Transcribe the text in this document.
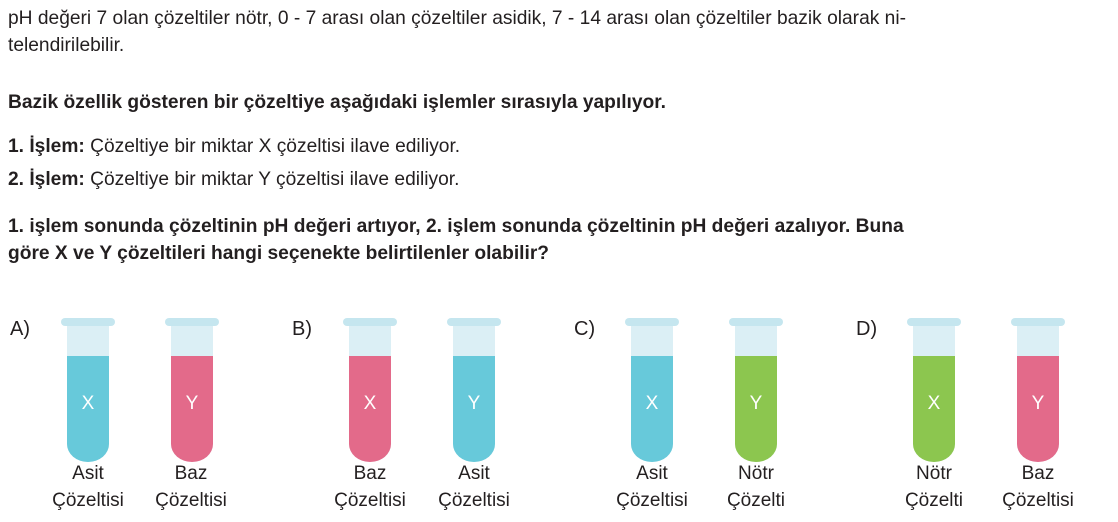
pH değeri 7 olan çözeltiler nötr, 0 - 7 arası olan çözeltiler asidik, 7 - 14 arası olan çözeltiler bazik olarak ni-
telendirilebilir.

Bazik özellik gösteren bir çözeltiye aşağıdaki işlemler sırasıyla yapılıyor.

1. İşlem: Çözeltiye bir miktar X çözeltisi ilave ediliyor.

2. İşlem: Çözeltiye bir miktar Y çözeltisi ilave ediliyor.

1. işlem sonunda çözeltinin pH değeri artıyor, 2. işlem sonunda çözeltinin pH değeri azalıyor. Buna
göre X ve Y çözeltileri hangi seçenekte belirtilenler olabilir?

A)
X	Y
Asit
Çözeltisi
Baz
Çözeltisi
B)
X	Y
Baz
Çözeltisi
Asit
Çözeltisi
C)
X	Y
Asit
Çözeltisi
Nötr
Çözelti
D)
X	Y
Nötr
Çözelti
Baz
Çözeltisi
